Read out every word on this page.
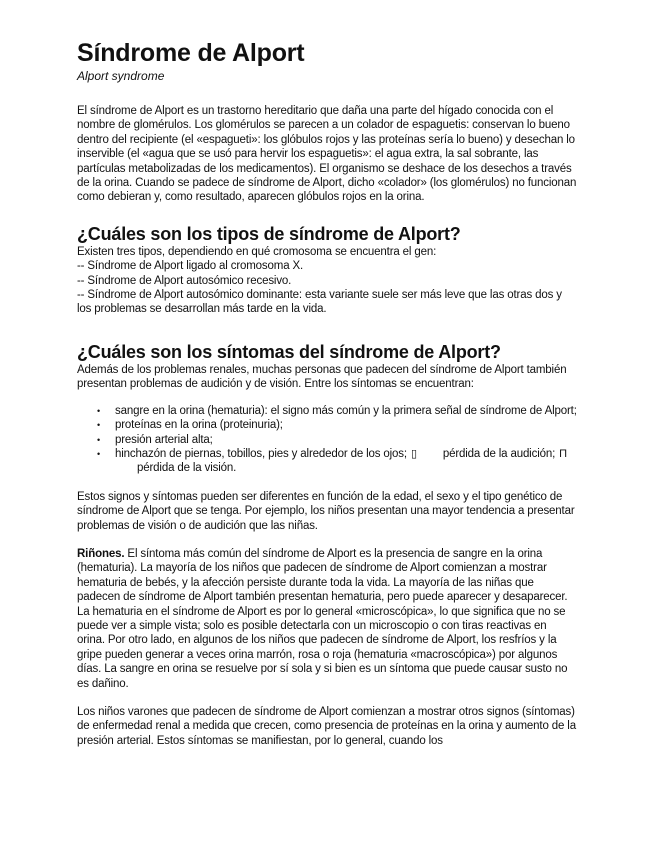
Síndrome de Alport
Alport syndrome

El síndrome de Alport es un trastorno hereditario que daña una parte del hígado conocida con el nombre de glomérulos. Los glomérulos se parecen a un colador de espaguetis: conservan lo bueno dentro del recipiente (el «espagueti»: los glóbulos rojos y las proteínas sería lo bueno) y desechan lo inservible (el «agua que se usó para hervir los espaguetis»: el agua extra, la sal sobrante, las partículas metabolizadas de los medicamentos). El organismo se deshace de los desechos a través de la orina. Cuando se padece de síndrome de Alport, dicho «colador» (los glomérulos) no funcionan como debieran y, como resultado, aparecen glóbulos rojos en la orina.

¿Cuáles son los tipos de síndrome de Alport?
Existen tres tipos, dependiendo en qué cromosoma se encuentra el gen:
-- Síndrome de Alport ligado al cromosoma X.
-- Síndrome de Alport autosómico recesivo.
-- Síndrome de Alport autosómico dominante: esta variante suele ser más leve que las otras dos y los problemas se desarrollan más tarde en la vida.
¿Cuáles son los síntomas del síndrome de Alport?

Además de los problemas renales, muchas personas que padecen del síndrome de Alport también presentan problemas de audición y de visión. Entre los síntomas se encuentran:

• sangre en la orina (hematuria): el signo más común y la primera señal de síndrome de Alport;
• proteínas en la orina (proteinuria);
• presión arterial alta;
• hinchazón de piernas, tobillos, pies y alrededor de los ojos; ▯ pérdida de la audición; Πpérdida de la visión.

Estos signos y síntomas pueden ser diferentes en función de la edad, el sexo y el tipo genético de síndrome de Alport que se tenga. Por ejemplo, los niños presentan una mayor tendencia a presentar problemas de visión o de audición que las niñas.

Riñones. El síntoma más común del síndrome de Alport es la presencia de sangre en la orina (hematuria). La mayoría de los niños que padecen de síndrome de Alport comienzan a mostrar hematuria de bebés, y la afección persiste durante toda la vida. La mayoría de las niñas que padecen de síndrome de Alport también presentan hematuria, pero puede aparecer y desaparecer. La hematuria en el síndrome de Alport es por lo general «microscópica», lo que significa que no se puede ver a simple vista; solo es posible detectarla con un microscopio o con tiras reactivas en orina. Por otro lado, en algunos de los niños que padecen de síndrome de Alport, los resfríos y la gripe pueden generar a veces orina marrón, rosa o roja (hematuria «macroscópica») por algunos días. La sangre en orina se resuelve por sí sola y si bien es un síntoma que puede causar susto no es dañino.

Los niños varones que padecen de síndrome de Alport comienzan a mostrar otros signos (síntomas) de enfermedad renal a medida que crecen, como presencia de proteínas en la orina y aumento de la presión arterial. Estos síntomas se manifiestan, por lo general, cuando los
